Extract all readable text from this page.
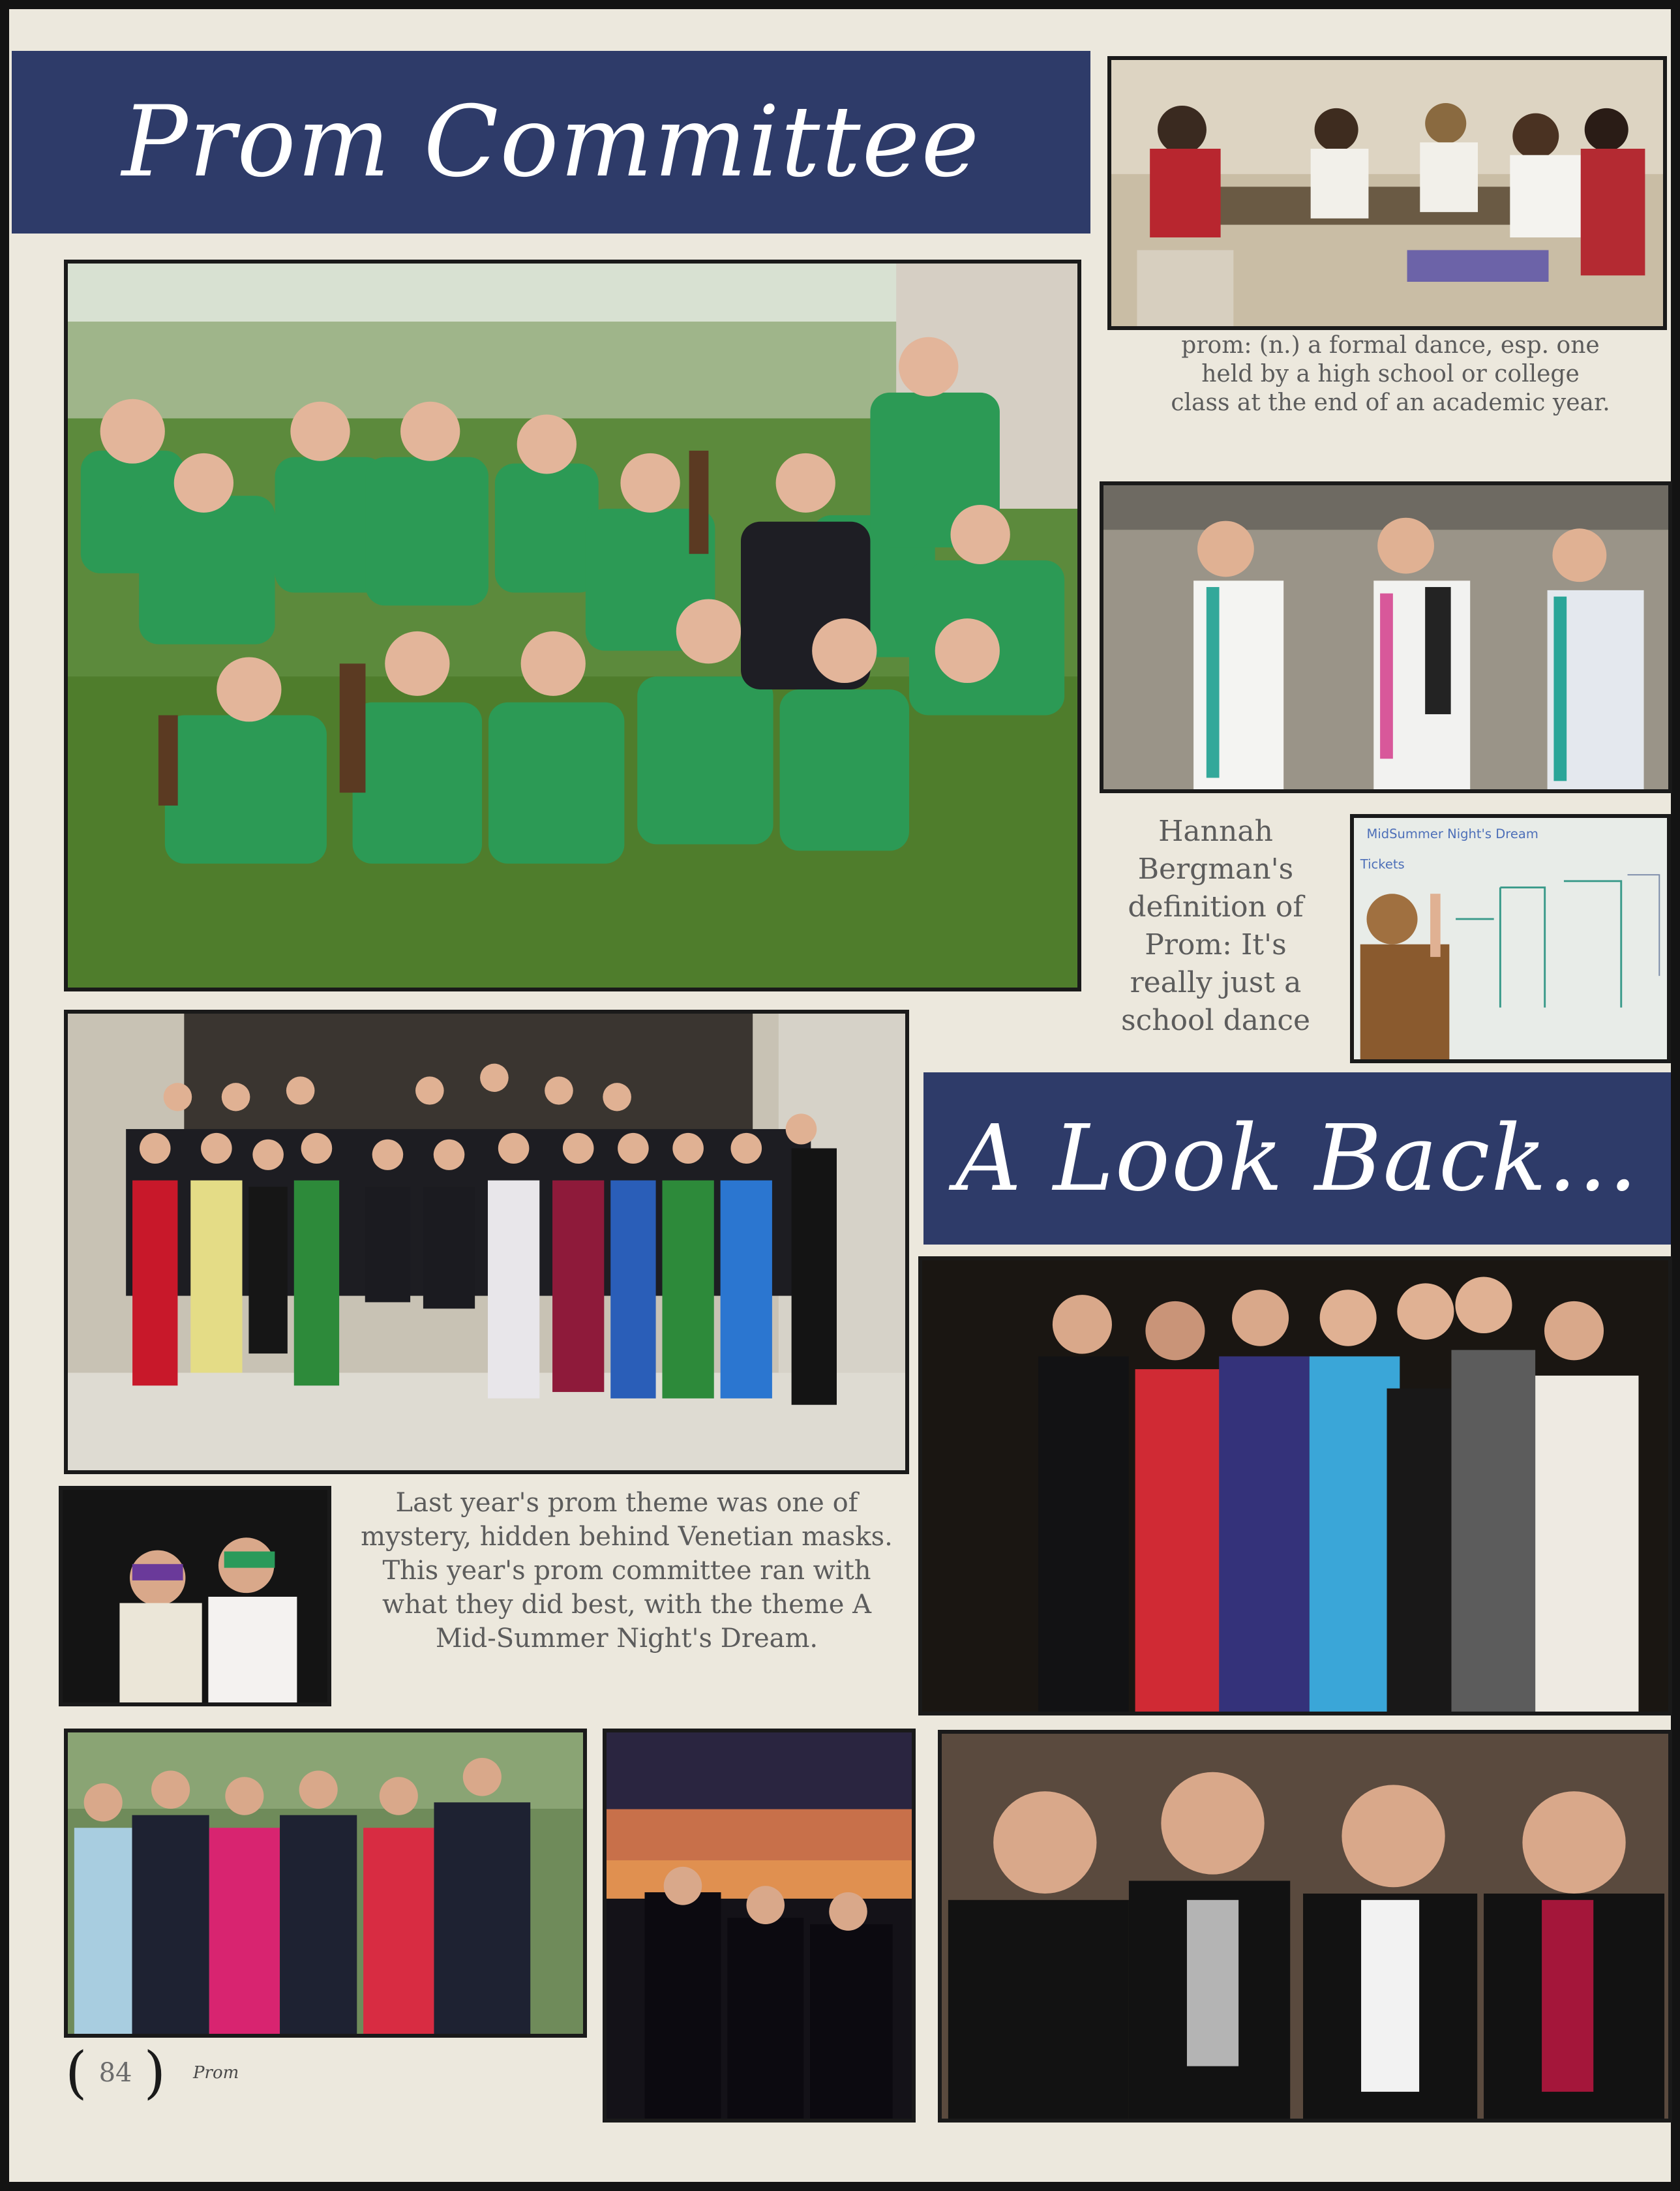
Prom Committee
prom: (n.) a formal dance, esp. one held by a high school or college class at the end of an academic year.
Hannah Bergman's definition of Prom: It's really just a school dance
MidSummer Night's Dream
Tickets
A Look Back...
Last year's prom theme was one of mystery, hidden behind Venetian masks. This year's prom committee ran with what they did best, with the theme A Mid-Summer Night's Dream.
( 84 ) Prom
